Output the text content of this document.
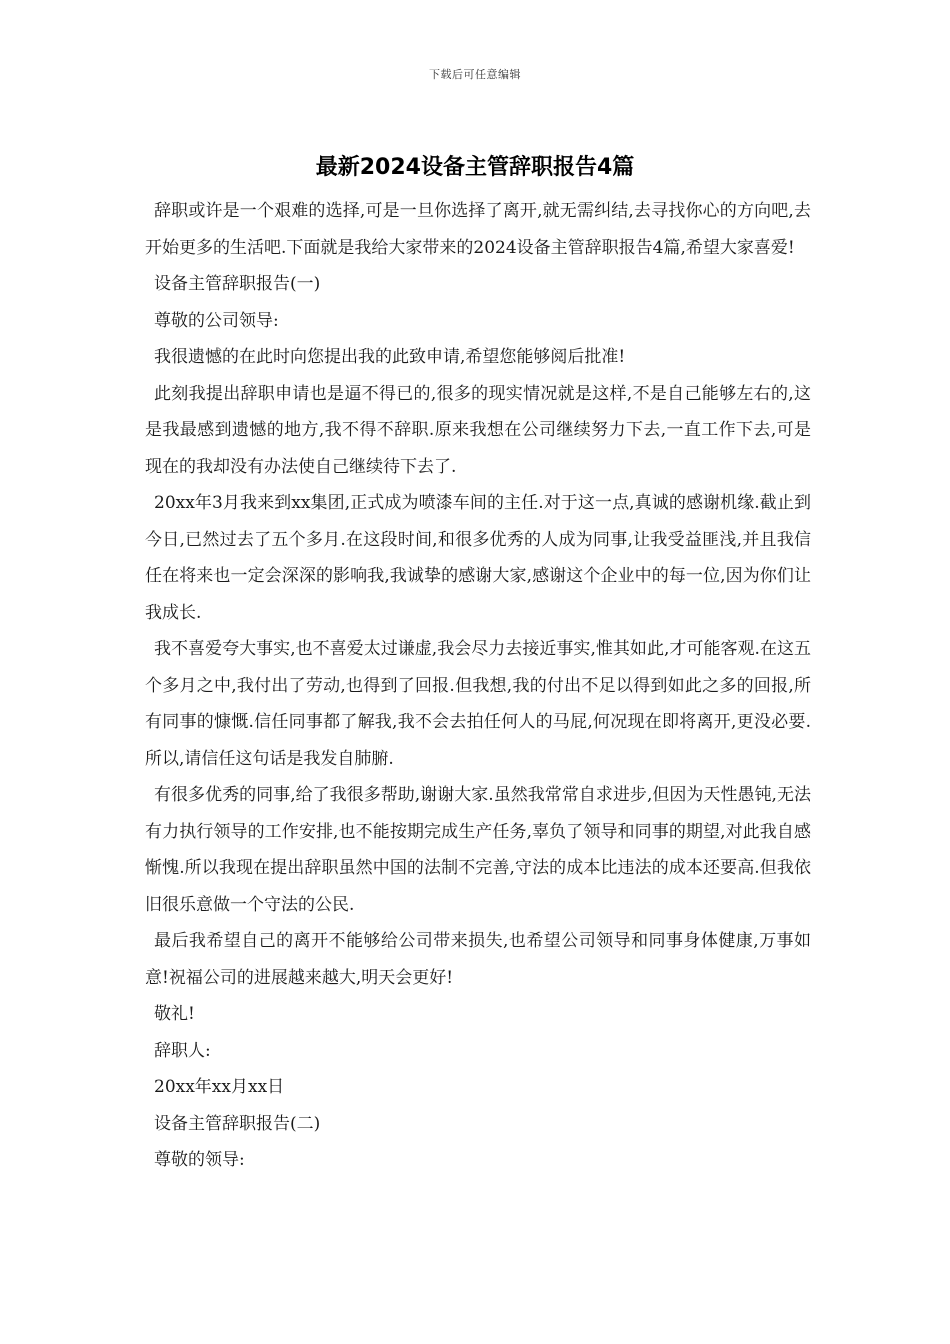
下载后可任意编辑
最新2024设备主管辞职报告4篇

辞职或许是一个艰难的选择,可是一旦你选择了离开,就无需纠结,去寻找你心的方向吧,去开始更多的生活吧.下面就是我给大家带来的2024设备主管辞职报告4篇,希望大家喜爱!

设备主管辞职报告(一)

尊敬的公司领导:

我很遗憾的在此时向您提出我的此致申请,希望您能够阅后批准!

此刻我提出辞职申请也是逼不得已的,很多的现实情况就是这样,不是自己能够左右的,这是我最感到遗憾的地方,我不得不辞职.原来我想在公司继续努力下去,一直工作下去,可是现在的我却没有办法使自己继续待下去了.

20xx年3月我来到xx集团,正式成为喷漆车间的主任.对于这一点,真诚的感谢机缘.截止到今日,已然过去了五个多月.在这段时间,和很多优秀的人成为同事,让我受益匪浅,并且我信任在将来也一定会深深的影响我,我诚挚的感谢大家,感谢这个企业中的每一位,因为你们让我成长.

我不喜爱夸大事实,也不喜爱太过谦虚,我会尽力去接近事实,惟其如此,才可能客观.在这五个多月之中,我付出了劳动,也得到了回报.但我想,我的付出不足以得到如此之多的回报,所有同事的慷慨.信任同事都了解我,我不会去拍任何人的马屁,何况现在即将离开,更没必要.所以,请信任这句话是我发自肺腑.

有很多优秀的同事,给了我很多帮助,谢谢大家.虽然我常常自求进步,但因为天性愚钝,无法有力执行领导的工作安排,也不能按期完成生产任务,辜负了领导和同事的期望,对此我自感惭愧.所以我现在提出辞职虽然中国的法制不完善,守法的成本比违法的成本还要高.但我依旧很乐意做一个守法的公民.

最后我希望自己的离开不能够给公司带来损失,也希望公司领导和同事身体健康,万事如意!祝福公司的进展越来越大,明天会更好!

敬礼!

辞职人:

20xx年xx月xx日

设备主管辞职报告(二)

尊敬的领导:
